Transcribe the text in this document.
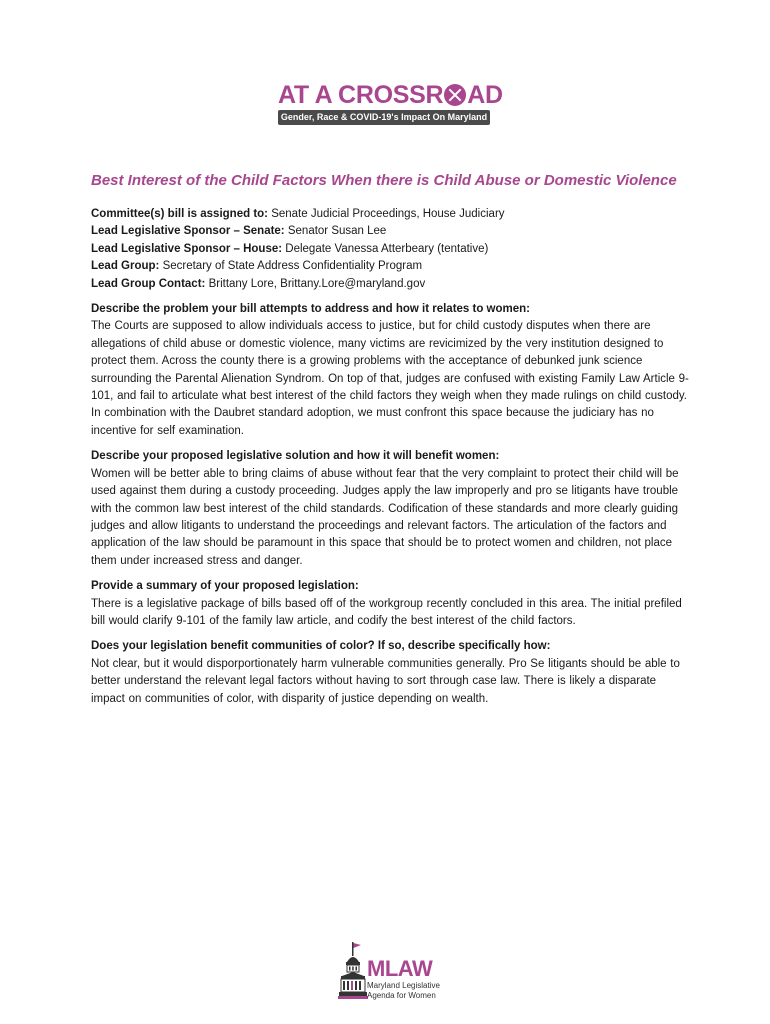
AT A CROSSR AD
Gender, Race & COVID-19's Impact On Maryland
Best Interest of the Child Factors When there is Child Abuse or Domestic Violence

Committee(s) bill is assigned to: Senate Judicial Proceedings, House Judiciary

Lead Legislative Sponsor – Senate: Senator Susan Lee

Lead Legislative Sponsor – House: Delegate Vanessa Atterbeary (tentative)

Lead Group: Secretary of State Address Confidentiality Program

Lead Group Contact: Brittany Lore, Brittany.Lore@maryland.gov

Describe the problem your bill attempts to address and how it relates to women:

The Courts are supposed to allow individuals access to justice, but for child custody disputes when there are allegations of child abuse or domestic violence, many victims are revicimized by the very institution designed to protect them. Across the county there is a growing problems with the acceptance of debunked junk science surrounding the Parental Alienation Syndrom. On top of that, judges are confused with existing Family Law Article 9-101, and fail to articulate what best interest of the child factors they weigh when they made rulings on child custody. In combination with the Daubret standard adoption, we must confront this space because the judiciary has no incentive for self examination.

Describe your proposed legislative solution and how it will benefit women:

Women will be better able to bring claims of abuse without fear that the very complaint to protect their child will be used against them during a custody proceeding. Judges apply the law improperly and pro se litigants have trouble with the common law best interest of the child standards. Codification of these standards and more clearly guiding judges and allow litigants to understand the proceedings and relevant factors. The articulation of the factors and application of the law should be paramount in this space that should be to protect women and children, not place them under increased stress and danger.

Provide a summary of your proposed legislation:

There is a legislative package of bills based off of the workgroup recently concluded in this area. The initial prefiled bill would clarify 9-101 of the family law article, and codify the best interest of the child factors.

Does your legislation benefit communities of color? If so, describe specifically how:

Not clear, but it would disporportionately harm vulnerable communities generally. Pro Se litigants should be able to better understand the relevant legal factors without having to sort through case law. There is likely a disparate impact on communities of color, with disparity of justice depending on wealth.

MLAW
Maryland Legislative
Agenda for Women
